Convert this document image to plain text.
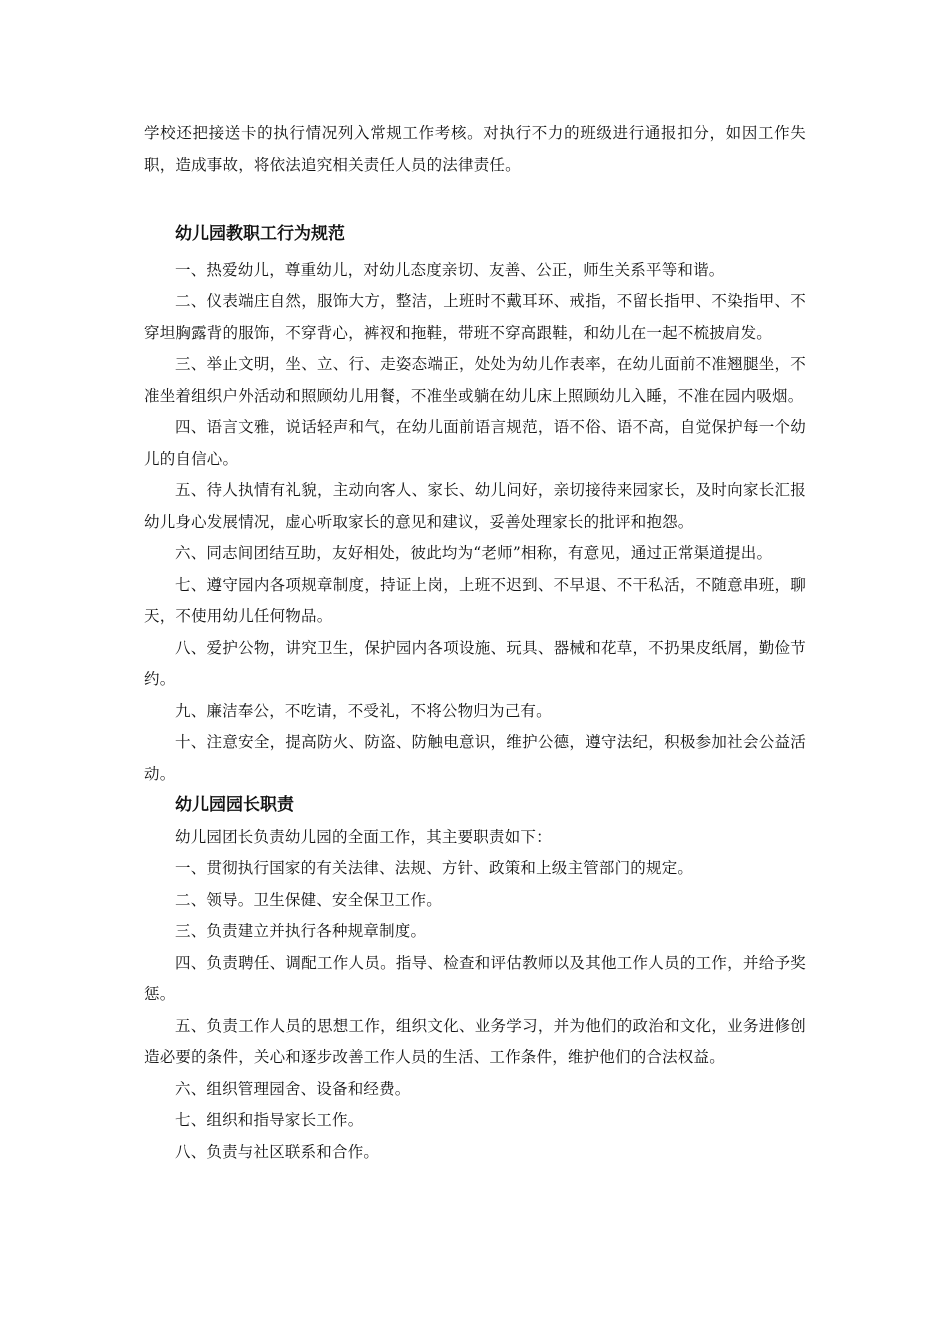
学校还把接送卡的执行情况列入常规工作考核。对执行不力的班级进行通报扣分，如因工作失职，造成事故，将依法追究相关责任人员的法律责任。

幼儿园教职工行为规范

一、热爱幼儿，尊重幼儿，对幼儿态度亲切、友善、公正，师生关系平等和谐。

二、仪表端庄自然，服饰大方，整洁，上班时不戴耳环、戒指，不留长指甲、不染指甲、不穿坦胸露背的服饰，不穿背心，裤衩和拖鞋，带班不穿高跟鞋，和幼儿在一起不梳披肩发。

三、举止文明，坐、立、行、走姿态端正，处处为幼儿作表率，在幼儿面前不准翘腿坐，不准坐着组织户外活动和照顾幼儿用餐，不准坐或躺在幼儿床上照顾幼儿入睡，不准在园内吸烟。

四、语言文雅，说话轻声和气，在幼儿面前语言规范，语不俗、语不高，自觉保护每一个幼儿的自信心。

五、待人执情有礼貌，主动向客人、家长、幼儿问好，亲切接待来园家长，及时向家长汇报幼儿身心发展情况，虚心听取家长的意见和建议，妥善处理家长的批评和抱怨。

六、同志间团结互助，友好相处，彼此均为“老师”相称，有意见，通过正常渠道提出。

七、遵守园内各项规章制度，持证上岗，上班不迟到、不早退、不干私活，不随意串班，聊天，不使用幼儿任何物品。

八、爱护公物，讲究卫生，保护园内各项设施、玩具、器械和花草，不扔果皮纸屑，勤俭节约。

九、廉洁奉公，不吃请，不受礼，不将公物归为己有。

十、注意安全，提高防火、防盗、防触电意识，维护公德，遵守法纪，积极参加社会公益活动。

幼儿园园长职责

幼儿园团长负责幼儿园的全面工作，其主要职责如下：

一、贯彻执行国家的有关法律、法规、方针、政策和上级主管部门的规定。

二、领导。卫生保健、安全保卫工作。

三、负责建立并执行各种规章制度。

四、负责聘任、调配工作人员。指导、检查和评估教师以及其他工作人员的工作，并给予奖惩。

五、负责工作人员的思想工作，组织文化、业务学习，并为他们的政治和文化，业务进修创造必要的条件，关心和逐步改善工作人员的生活、工作条件，维护他们的合法权益。

六、组织管理园舍、设备和经费。

七、组织和指导家长工作。

八、负责与社区联系和合作。
